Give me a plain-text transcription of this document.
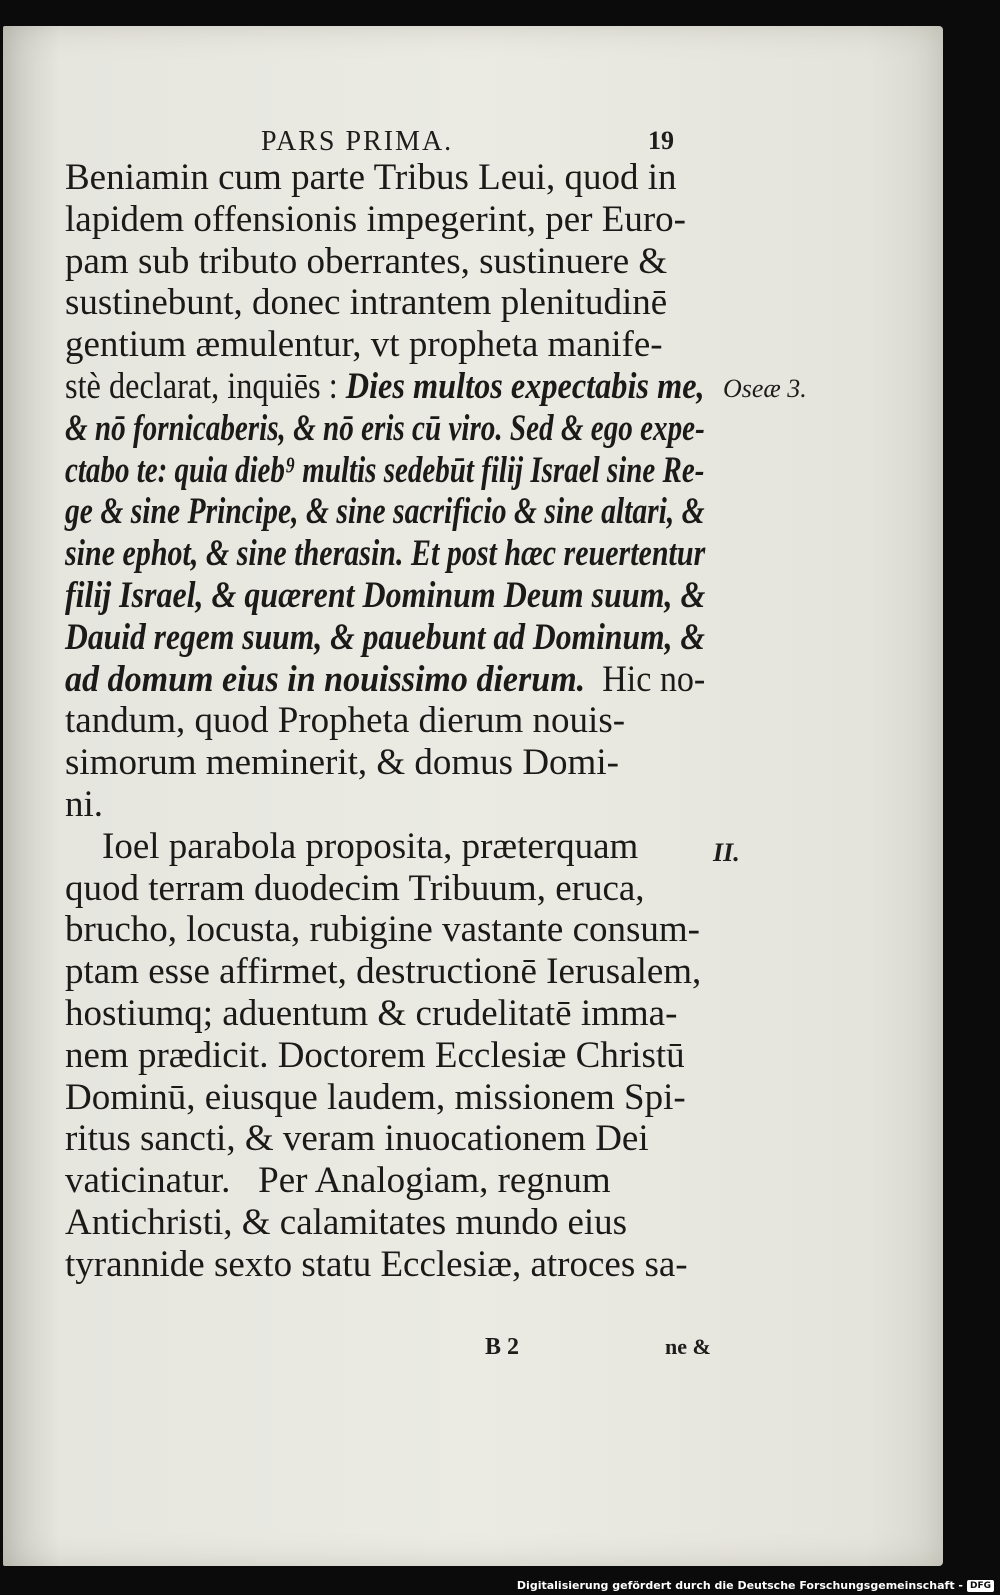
PARS PRIMA.	19
Beniamin cum parte Tribus Leui, quod in
lapidem offensionis impegerint, per Euro-
pam sub tributo oberrantes, sustinuere &
sustinebunt, donec intrantem plenitudinē
gentium æmulentur, vt propheta manife-
stè declarat, inquiēs : Dies multos expectabis me,
& nō fornicaberis, & nō eris cū viro. Sed & ego expe-
ctabo te: quia dieb⁹ multis sedebūt filij Israel sine Re-
ge & sine Principe, & sine sacrificio & sine altari, &
sine ephot, & sine therasin. Et post hæc reuertentur
filij Israel, & quærent Dominum Deum suum, &
Dauid regem suum, & pauebunt ad Dominum, &
ad domum eius in nouissimo dierum.  Hic no-
tandum, quod Propheta dierum nouis-
simorum meminerit, & domus Domi-
ni.
Ioel parabola proposita, præterquam
quod terram duodecim Tribuum, eruca,
brucho, locusta, rubigine vastante consum-
ptam esse affirmet, destructionē Ierusalem,
hostiumq; aduentum & crudelitatē imma-
nem prædicit. Doctorem Ecclesiæ Christū
Dominū, eiusque laudem, missionem Spi-
ritus sancti, & veram inuocationem Dei
vaticinatur.   Per Analogiam, regnum
Antichristi, & calamitates mundo eius
tyrannide sexto statu Ecclesiæ, atroces sa-
Oseæ 3.
II.
B 2	ne &
Digitalisierung gefördert durch die Deutsche Forschungsgemeinschaft - DFG
